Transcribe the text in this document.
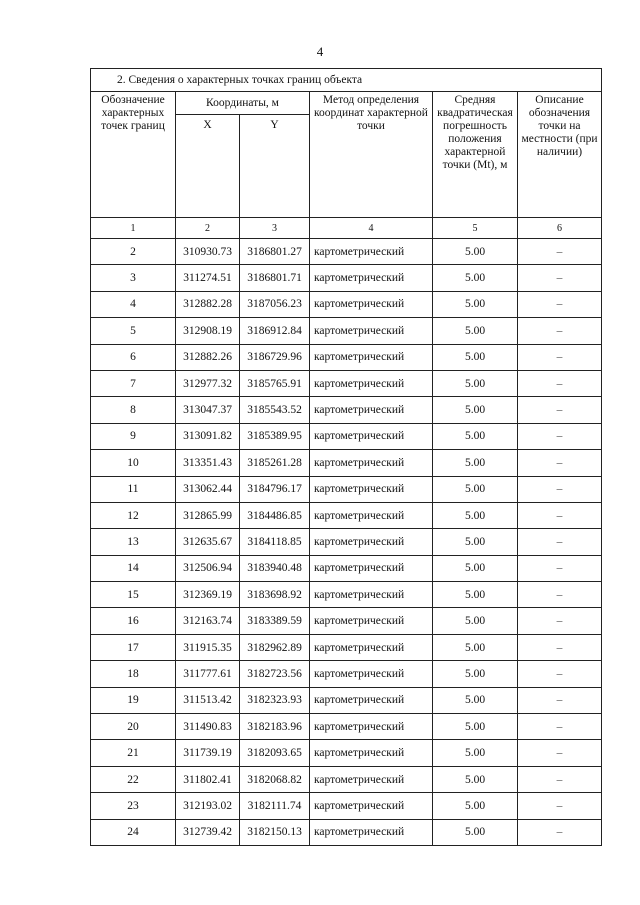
4
2. Сведения о характерных точках границ объекта					
Обозначение характерных точек границ	Координаты, м		Метод определения координат характерной точки	Средняя квадратическая погрешность положения характерной точки (Mt), м	Описание обозначения точки на местности (при наличии)
	X	Y			
1	2	3	4	5	6
2	310930.73	3186801.27	картометрический	5.00	–
3	311274.51	3186801.71	картометрический	5.00	–
4	312882.28	3187056.23	картометрический	5.00	–
5	312908.19	3186912.84	картометрический	5.00	–
6	312882.26	3186729.96	картометрический	5.00	–
7	312977.32	3185765.91	картометрический	5.00	–
8	313047.37	3185543.52	картометрический	5.00	–
9	313091.82	3185389.95	картометрический	5.00	–
10	313351.43	3185261.28	картометрический	5.00	–
11	313062.44	3184796.17	картометрический	5.00	–
12	312865.99	3184486.85	картометрический	5.00	–
13	312635.67	3184118.85	картометрический	5.00	–
14	312506.94	3183940.48	картометрический	5.00	–
15	312369.19	3183698.92	картометрический	5.00	–
16	312163.74	3183389.59	картометрический	5.00	–
17	311915.35	3182962.89	картометрический	5.00	–
18	311777.61	3182723.56	картометрический	5.00	–
19	311513.42	3182323.93	картометрический	5.00	–
20	311490.83	3182183.96	картометрический	5.00	–
21	311739.19	3182093.65	картометрический	5.00	–
22	311802.41	3182068.82	картометрический	5.00	–
23	312193.02	3182111.74	картометрический	5.00	–
24	312739.42	3182150.13	картометрический	5.00	–
